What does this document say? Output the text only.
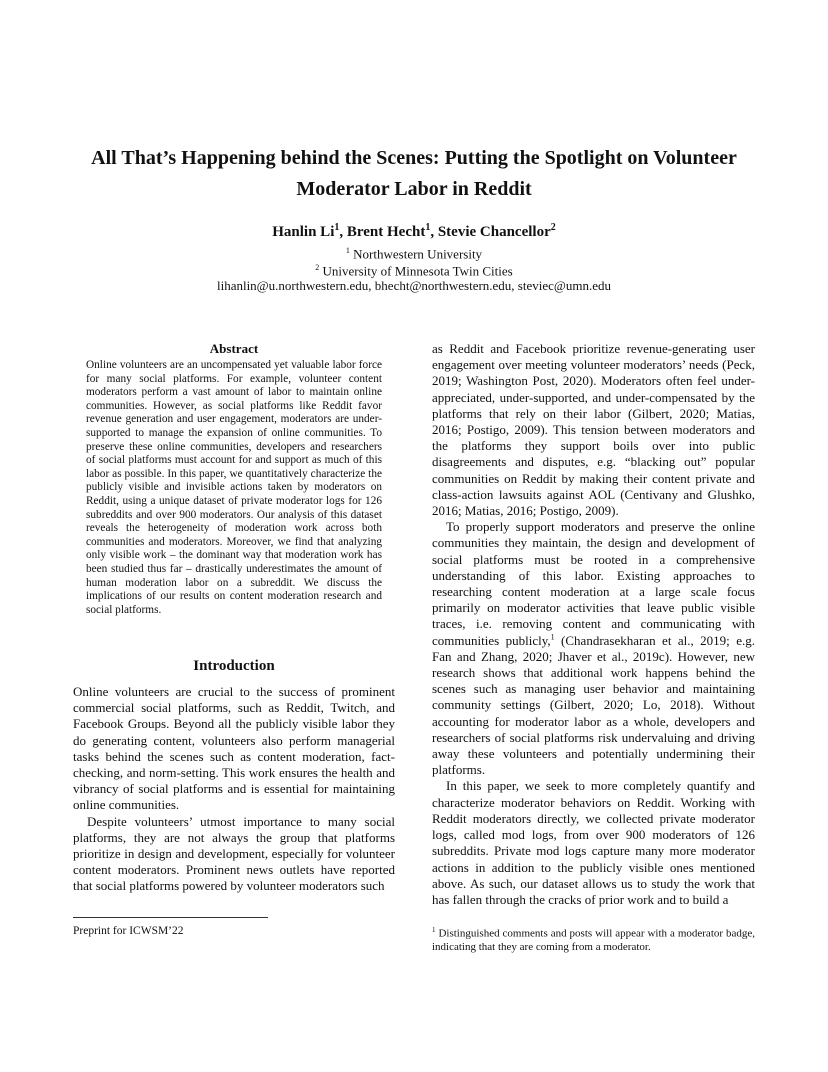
All That’s Happening behind the Scenes: Putting the Spotlight on Volunteer Moderator Labor in Reddit
Hanlin Li$^1$, Brent Hecht$^1$, Stevie Chancellor$^2$
$^1$ Northwestern University
$^2$ University of Minnesota Twin Cities
lihanlin@u.northwestern.edu, bhecht@northwestern.edu, steviec@umn.edu
Abstract
Online volunteers are an uncompensated yet valuable labor force for many social platforms. For example, volunteer content moderators perform a vast amount of labor to maintain online communities. However, as social platforms like Reddit favor revenue generation and user engagement, moderators are under-supported to manage the expansion of online communities. To preserve these online communities, developers and researchers of social platforms must account for and support as much of this labor as possible. In this paper, we quantitatively characterize the publicly visible and invisible actions taken by moderators on Reddit, using a unique dataset of private moderator logs for 126 subreddits and over 900 moderators. Our analysis of this dataset reveals the heterogeneity of moderation work across both communities and moderators. Moreover, we find that analyzing only visible work – the dominant way that moderation work has been studied thus far – drastically underestimates the amount of human moderation labor on a subreddit. We discuss the implications of our results on content moderation research and social platforms.
Introduction

Online volunteers are crucial to the success of prominent commercial social platforms, such as Reddit, Twitch, and Facebook Groups. Beyond all the publicly visible labor they do generating content, volunteers also perform managerial tasks behind the scenes such as content moderation, fact-checking, and norm-setting. This work ensures the health and vibrancy of social platforms and is essential for maintaining online communities.

Despite volunteers’ utmost importance to many social platforms, they are not always the group that platforms prioritize in design and development, especially for volunteer content moderators. Prominent news outlets have reported that social platforms powered by volunteer moderators such

as Reddit and Facebook prioritize revenue-generating user engagement over meeting volunteer moderators’ needs (Peck, 2019; Washington Post, 2020). Moderators often feel under-appreciated, under-supported, and under-compensated by the platforms that rely on their labor (Gilbert, 2020; Matias, 2016; Postigo, 2009). This tension between moderators and the platforms they support boils over into public disagreements and disputes, e.g. “blacking out” popular communities on Reddit by making their content private and class-action lawsuits against AOL (Centivany and Glushko, 2016; Matias, 2016; Postigo, 2009).

To properly support moderators and preserve the online communities they maintain, the design and development of social platforms must be rooted in a comprehensive understanding of this labor. Existing approaches to researching content moderation at a large scale focus primarily on moderator activities that leave public visible traces, i.e. removing content and communicating with communities publicly,$^1$ (Chandrasekharan et al., 2019; e.g. Fan and Zhang, 2020; Jhaver et al., 2019c). However, new research shows that additional work happens behind the scenes such as managing user behavior and maintaining community settings (Gilbert, 2020; Lo, 2018). Without accounting for moderator labor as a whole, developers and researchers of social platforms risk undervaluing and driving away these volunteers and potentially undermining their platforms.

In this paper, we seek to more completely quantify and characterize moderator behaviors on Reddit. Working with Reddit moderators directly, we collected private moderator logs, called mod logs, from over 900 moderators of 126 subreddits. Private mod logs capture many more moderator actions in addition to the publicly visible ones mentioned above. As such, our dataset allows us to study the work that has fallen through the cracks of prior work and to build a

Preprint for ICWSM’22	$^1$ Distinguished comments and posts will appear with a moderator badge, indicating that they are coming from a moderator.
